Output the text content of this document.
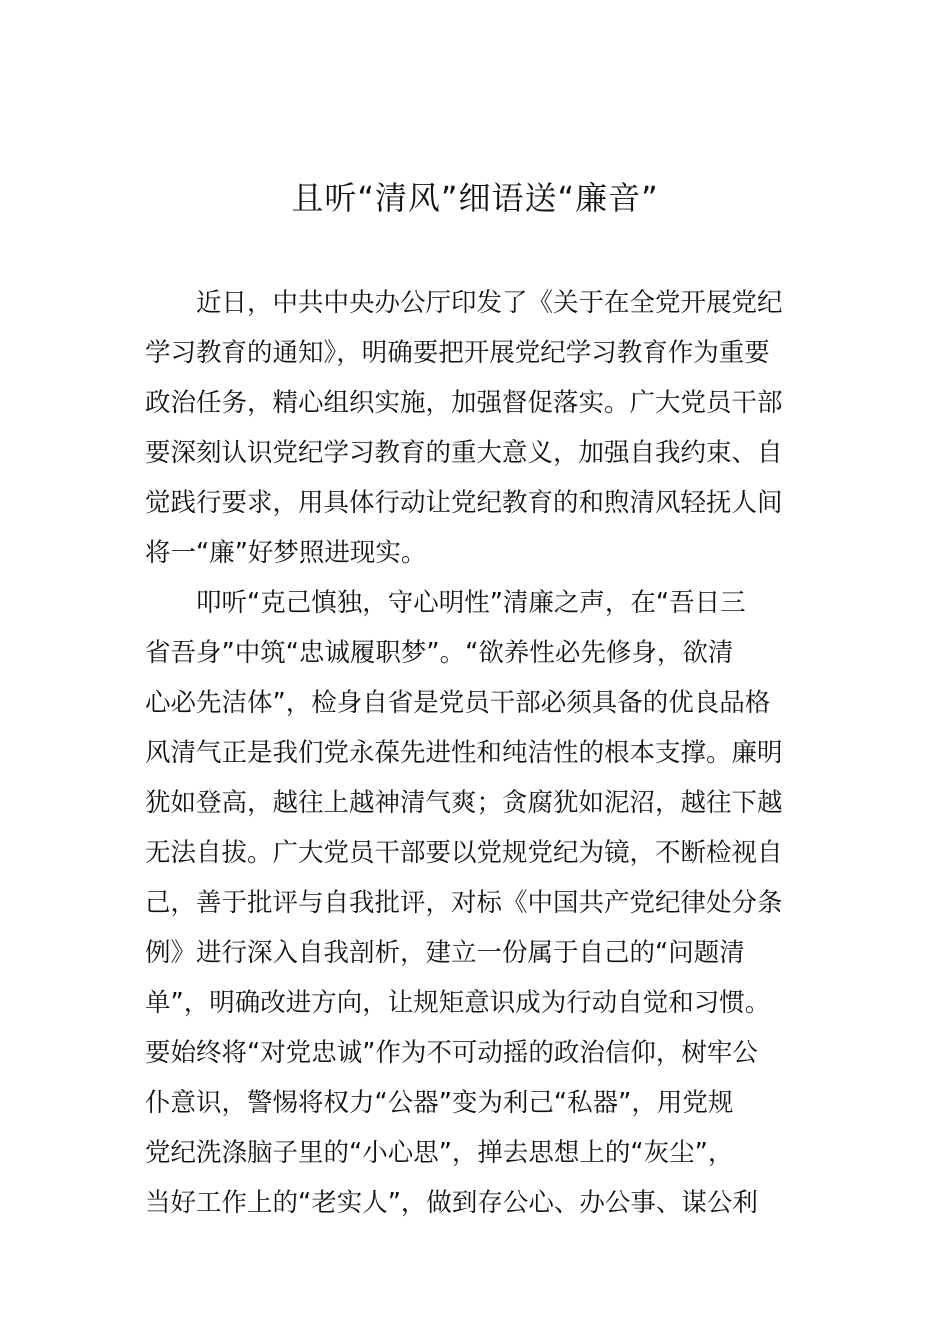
且听“清风”细语送“廉音”
近日，中共中央办公厅印发了《关于在全党开展党纪
学习教育的通知》，明确要把开展党纪学习教育作为重要
政治任务，精心组织实施，加强督促落实。广大党员干部
要深刻认识党纪学习教育的重大意义，加强自我约束、自
觉践行要求，用具体行动让党纪教育的和煦清风轻抚人间
将一“廉”好梦照进现实。
叩听“克己慎独，守心明性”清廉之声，在“吾日三
省吾身”中筑“忠诚履职梦”。“欲养性必先修身，欲清
心必先洁体”，检身自省是党员干部必须具备的优良品格
风清气正是我们党永葆先进性和纯洁性的根本支撑。廉明
犹如登高，越往上越神清气爽；贪腐犹如泥沼，越往下越
无法自拔。广大党员干部要以党规党纪为镜，不断检视自
己，善于批评与自我批评，对标《中国共产党纪律处分条
例》进行深入自我剖析，建立一份属于自己的“问题清
单”，明确改进方向，让规矩意识成为行动自觉和习惯。
要始终将“对党忠诚”作为不可动摇的政治信仰，树牢公
仆意识，警惕将权力“公器”变为利己“私器”，用党规
党纪洗涤脑子里的“小心思”，掸去思想上的“灰尘”，
当好工作上的“老实人”，做到存公心、办公事、谋公利
